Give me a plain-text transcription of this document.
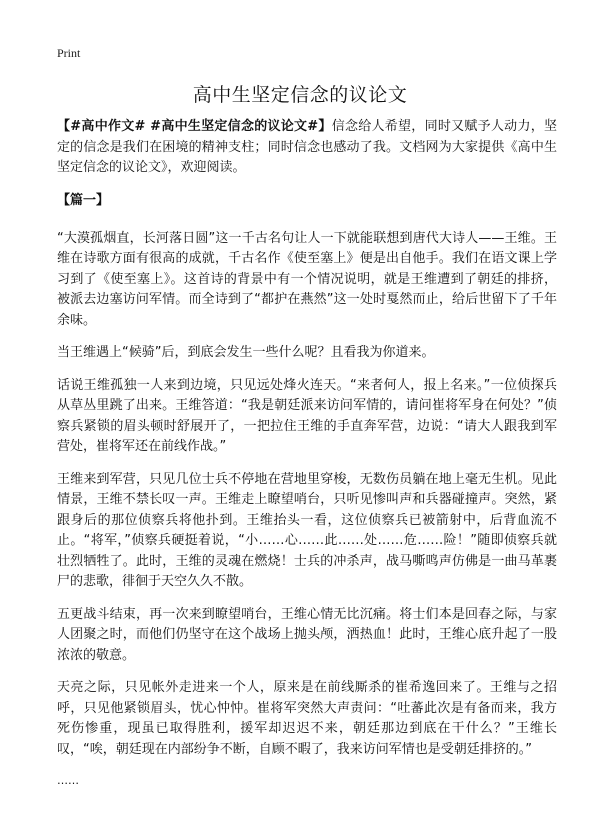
Print
高中生坚定信念的议论文

【#高中作文# #高中生坚定信念的议论文#】信念给人希望，同时又赋予人动力，坚定的信念是我们在困境的精神支柱；同时信念也感动了我。文档网为大家提供《高中生坚定信念的议论文》，欢迎阅读。

【篇一】

“大漠孤烟直，长河落日圆”这一千古名句让人一下就能联想到唐代大诗人——王维。王维在诗歌方面有很高的成就，千古名作《使至塞上》便是出自他手。我们在语文课上学习到了《使至塞上》。这首诗的背景中有一个情况说明，就是王维遭到了朝廷的排挤，被派去边塞访问军情。而全诗到了“都护在燕然”这一处时戛然而止，给后世留下了千年余味。

当王维遇上“候骑”后，到底会发生一些什么呢？且看我为你道来。

话说王维孤独一人来到边境，只见远处烽火连天。“来者何人，报上名来。”一位侦探兵从草丛里跳了出来。王维答道：“我是朝廷派来访问军情的，请问崔将军身在何处？”侦察兵紧锁的眉头顿时舒展开了，一把拉住王维的手直奔军营，边说：“请大人跟我到军营处，崔将军还在前线作战。”

王维来到军营，只见几位士兵不停地在营地里穿梭，无数伤员躺在地上毫无生机。见此情景，王维不禁长叹一声。王维走上瞭望哨台，只听见惨叫声和兵器碰撞声。突然，紧跟身后的那位侦察兵将他扑到。王维抬头一看，这位侦察兵已被箭射中，后背血流不止。“将军，”侦察兵硬挺着说，“小……心……此……处……危……险！”随即侦察兵就壮烈牺牲了。此时，王维的灵魂在燃烧！士兵的冲杀声，战马嘶鸣声仿佛是一曲马革裹尸的悲歌，徘徊于天空久久不散。

五更战斗结束，再一次来到瞭望哨台，王维心情无比沉痛。将士们本是回春之际，与家人团聚之时，而他们仍坚守在这个战场上抛头颅，洒热血！此时，王维心底升起了一股浓浓的敬意。

天亮之际，只见帐外走进来一个人，原来是在前线厮杀的崔希逸回来了。王维与之招呼，只见他紧锁眉头，忧心忡忡。崔将军突然大声责问：“吐蕃此次是有备而来，我方死伤惨重，现虽已取得胜利，援军却迟迟不来，朝廷那边到底在干什么？”王维长叹，“唉，朝廷现在内部纷争不断，自顾不暇了，我来访问军情也是受朝廷排挤的。”

……
